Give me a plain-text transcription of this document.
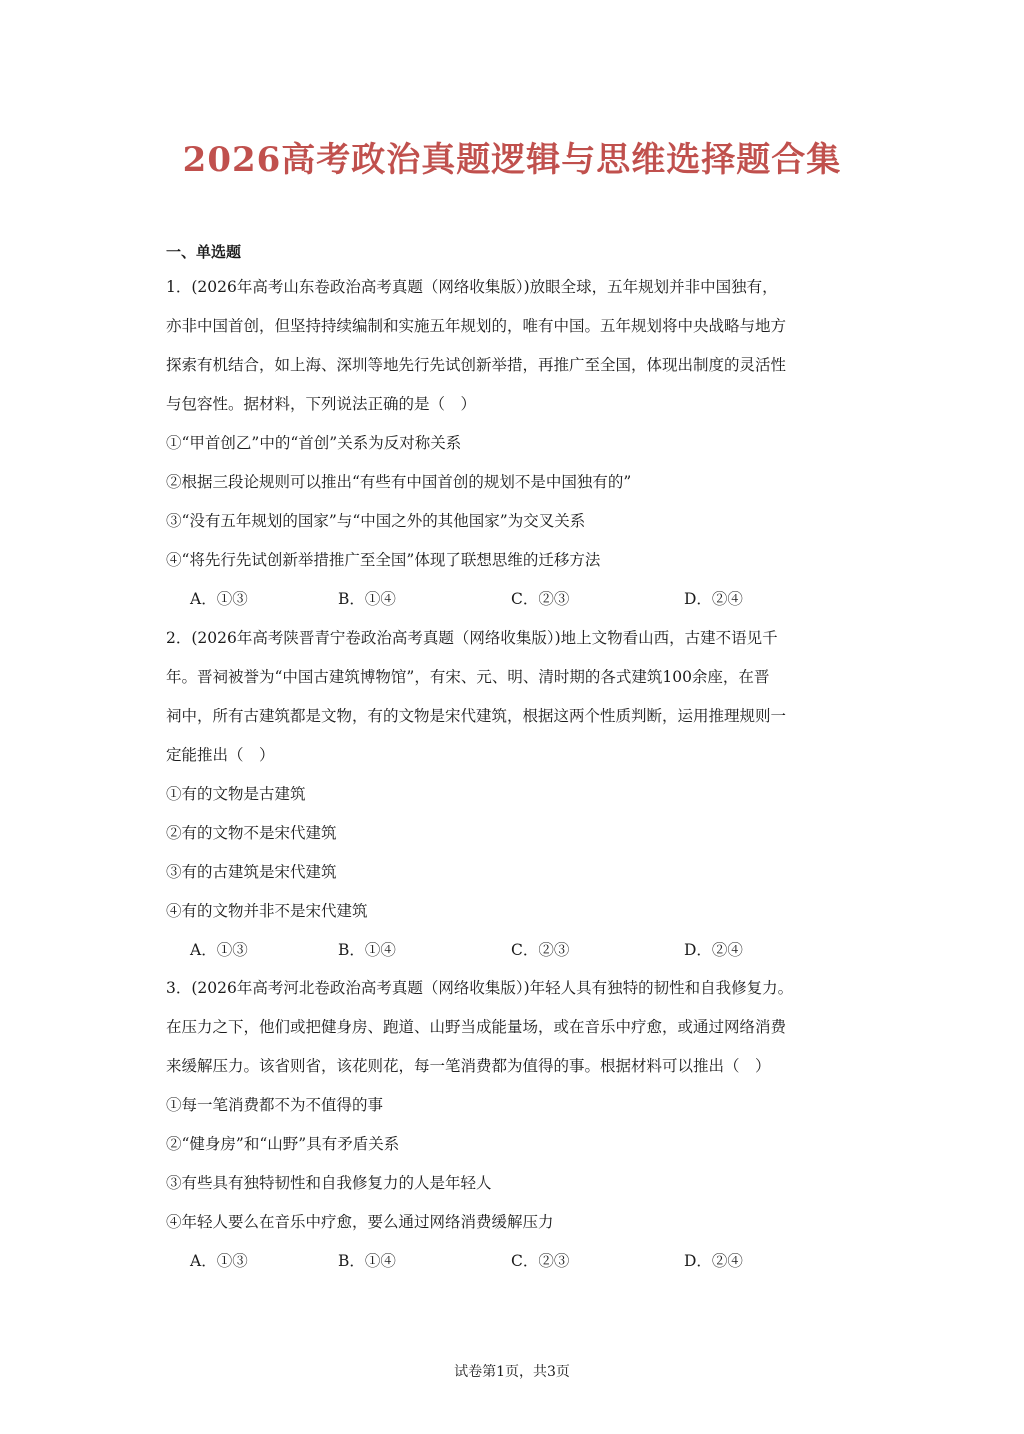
2026高考政治真题逻辑与思维选择题合集
一、单选题
1．(2026年高考山东卷政治高考真题（网络收集版）)放眼全球，五年规划并非中国独有，
亦非中国首创，但坚持持续编制和实施五年规划的，唯有中国。五年规划将中央战略与地方
探索有机结合，如上海、深圳等地先行先试创新举措，再推广至全国，体现出制度的灵活性
与包容性。据材料，下列说法正确的是（　）
①“甲首创乙”中的“首创”关系为反对称关系
②根据三段论规则可以推出“有些有中国首创的规划不是中国独有的”
③“没有五年规划的国家”与“中国之外的其他国家”为交叉关系
④“将先行先试创新举措推广至全国”体现了联想思维的迁移方法
A．①③	B．①④	C．②③	D．②④
2．(2026年高考陕晋青宁卷政治高考真题（网络收集版）)地上文物看山西，古建不语见千
年。晋祠被誉为“中国古建筑博物馆”，有宋、元、明、清时期的各式建筑100余座，在晋
祠中，所有古建筑都是文物，有的文物是宋代建筑，根据这两个性质判断，运用推理规则一
定能推出（　）
①有的文物是古建筑
②有的文物不是宋代建筑
③有的古建筑是宋代建筑
④有的文物并非不是宋代建筑
A．①③	B．①④	C．②③	D．②④
3．(2026年高考河北卷政治高考真题（网络收集版）)年轻人具有独特的韧性和自我修复力。
在压力之下，他们或把健身房、跑道、山野当成能量场，或在音乐中疗愈，或通过网络消费
来缓解压力。该省则省，该花则花，每一笔消费都为值得的事。根据材料可以推出（　）
①每一笔消费都不为不值得的事
②“健身房”和“山野”具有矛盾关系
③有些具有独特韧性和自我修复力的人是年轻人
④年轻人要么在音乐中疗愈，要么通过网络消费缓解压力
A．①③	B．①④	C．②③	D．②④
试卷第1页，共3页
